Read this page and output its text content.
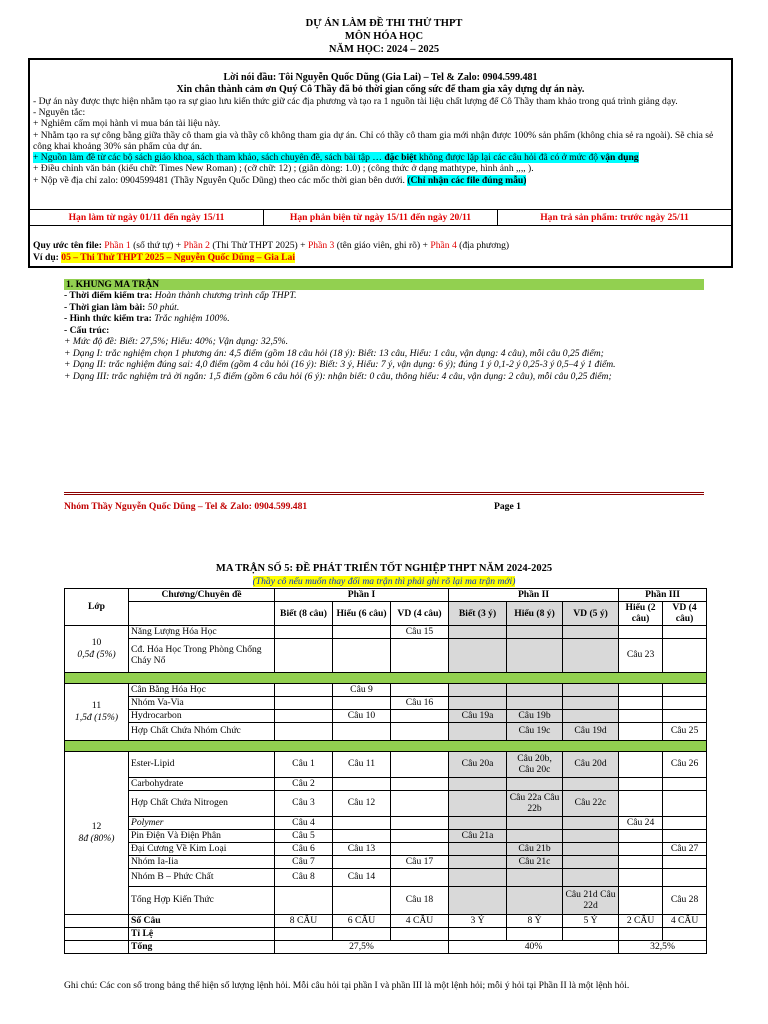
DỰ ÁN LÀM ĐỀ THI THỬ THPT
MÔN HÓA HỌC
NĂM HỌC: 2024 – 2025
Lời nói đầu: Tôi Nguyễn Quốc Dũng (Gia Lai) – Tel & Zalo: 0904.599.481
Xin chân thành cảm ơn Quý Cô Thầy đã bỏ thời gian cống sức để tham gia xây dựng dự án này.

- Dự án này được thực hiện nhằm tạo ra sự giao lưu kiến thức giữ các địa phương và tạo ra 1 nguồn tài liệu chất lượng để Cô Thầy tham khảo trong quá trình giảng dạy.

- Nguyên tắc:

+ Nghiêm cấm mọi hành vi mua bán tài liệu này.

+ Nhằm tạo ra sự công bằng giữa thầy cô tham gia và thầy cô không tham gia dự án. Chỉ có thầy cô tham gia mới nhận được 100% sản phẩm (không chia sẻ ra ngoài). Sẽ chia sẻ công khai khoảng 30% sản phẩm của dự án.

+ Nguồn làm đề từ các bộ sách giáo khoa, sách tham khảo, sách chuyên đề, sách bài tập … đặc biệt không được lặp lại các câu hỏi đã có ở mức độ vận dụng

+ Điều chỉnh văn bản (kiểu chữ: Times New Roman) ; (cỡ chữ: 12) ; (giãn dòng: 1.0) ; (công thức ở dạng mathtype, hình ảnh ,,,, ).

+ Nộp về địa chỉ zalo: 0904599481 (Thầy Nguyễn Quốc Dũng) theo các mốc thời gian bên dưới. (Chỉ nhận các file đúng mẫu)

Hạn làm từ ngày 01/11 đến ngày 15/11	Hạn phản biện từ ngày 15/11 đến ngày 20/11	Hạn trả sản phẩm: trước ngày 25/11
Quy ước tên file: Phần 1 (số thứ tự) + Phần 2 (Thi Thử THPT 2025) + Phần 3 (tên giáo viên, ghi rõ) + Phần 4 (địa phương)
Ví dụ: 05 – Thi Thử THPT 2025 – Nguyễn Quốc Dũng – Gia Lai
1. KHUNG MA TRẬN

- Thời điểm kiểm tra: Hoàn thành chương trình cấp THPT.

- Thời gian làm bài: 50 phút.

- Hình thức kiểm tra: Trắc nghiệm 100%.

- Cấu trúc:

+ Mức độ đề: Biết: 27,5%; Hiểu: 40%; Vận dụng: 32,5%.

+ Dạng I: trắc nghiệm chọn 1 phương án: 4,5 điểm (gồm 18 câu hỏi (18 ý): Biết: 13 câu, Hiểu: 1 câu, vận dụng: 4 câu), mỗi câu 0,25 điểm;

+ Dạng II: trắc nghiệm đúng sai: 4,0 điểm (gồm 4 câu hỏi (16 ý): Biết: 3 ý, Hiểu: 7 ý, vận dụng: 6 ý); đúng 1 ý 0,1-2 ý 0,25-3 ý 0,5–4 ý 1 điểm.

+ Dạng III: trắc nghiệm trả ời ngắn: 1,5 điểm (gồm 6 câu hỏi (6 ý): nhận biết: 0 câu, thông hiểu: 4 câu, vận dụng: 2 câu), mỗi câu 0,25 điểm;

Nhóm Thầy Nguyễn Quốc Dũng – Tel & Zalo: 0904.599.481	Page 1
MA TRẬN SỐ 5: ĐỀ PHÁT TRIỂN TỐT NGHIỆP THPT NĂM 2024-2025
(Thầy cô nếu muốn thay đổi ma trận thì phải ghi rõ lại ma trận mới)
Lớp	Chương/Chuyên đề	Phần I			Phần II			Phần III	
		Biết (8 câu)	Hiểu (6 câu)	VD (4 câu)	Biết (3 ý)	Hiểu (8 ý)	VD (5 ý)	Hiểu (2 câu)	VD (4 câu)

10
0,5đ (5%)	Năng Lượng Hóa Học			Câu 15					
	Cđ. Hóa Học Trong Phòng Chống Cháy Nổ							Câu 23	

11
1,5đ (15%)	Cân Bằng Hóa Học		Câu 9						
	Nhóm Va-Via			Câu 16					
	Hydrocarbon		Câu 10		Câu 19a	Câu 19b			
	Hợp Chất Chứa Nhóm Chức					Câu 19c	Câu 19d		Câu 25

12
8đ (80%)	Ester-Lipid	Câu 1	Câu 11		Câu 20a	Câu 20b, Câu 20c	Câu 20d		Câu 26
	Carbohydrate	Câu 2							
	Hợp Chất Chứa Nitrogen	Câu 3	Câu 12			Câu 22a Câu 22b	Câu 22c		
	Polymer	Câu 4						Câu 24	
	Pin Điện Và Điện Phân	Câu 5			Câu 21a				
	Đại Cương Về Kim Loại	Câu 6	Câu 13			Câu 21b			Câu 27
	Nhóm Ia-Iia	Câu 7		Câu 17		Câu 21c			
	Nhóm B – Phức Chất	Câu 8	Câu 14						
	Tổng Hợp Kiến Thức			Câu 18			Câu 21d Câu 22d		Câu 28
	Số Câu	8 CÂU	6 CÂU	4 CÂU	3 Ý	8 Ý	5 Ý	2 CÂU	4 CÂU
	Tỉ Lệ								
	Tổng	27,5%			40%			32,5%	
Ghi chú: Các con số trong bảng thể hiện số lượng lệnh hỏi. Mỗi câu hỏi tại phần I và phần III là một lệnh hỏi; mỗi ý hỏi tại Phần II là một lệnh hỏi.
